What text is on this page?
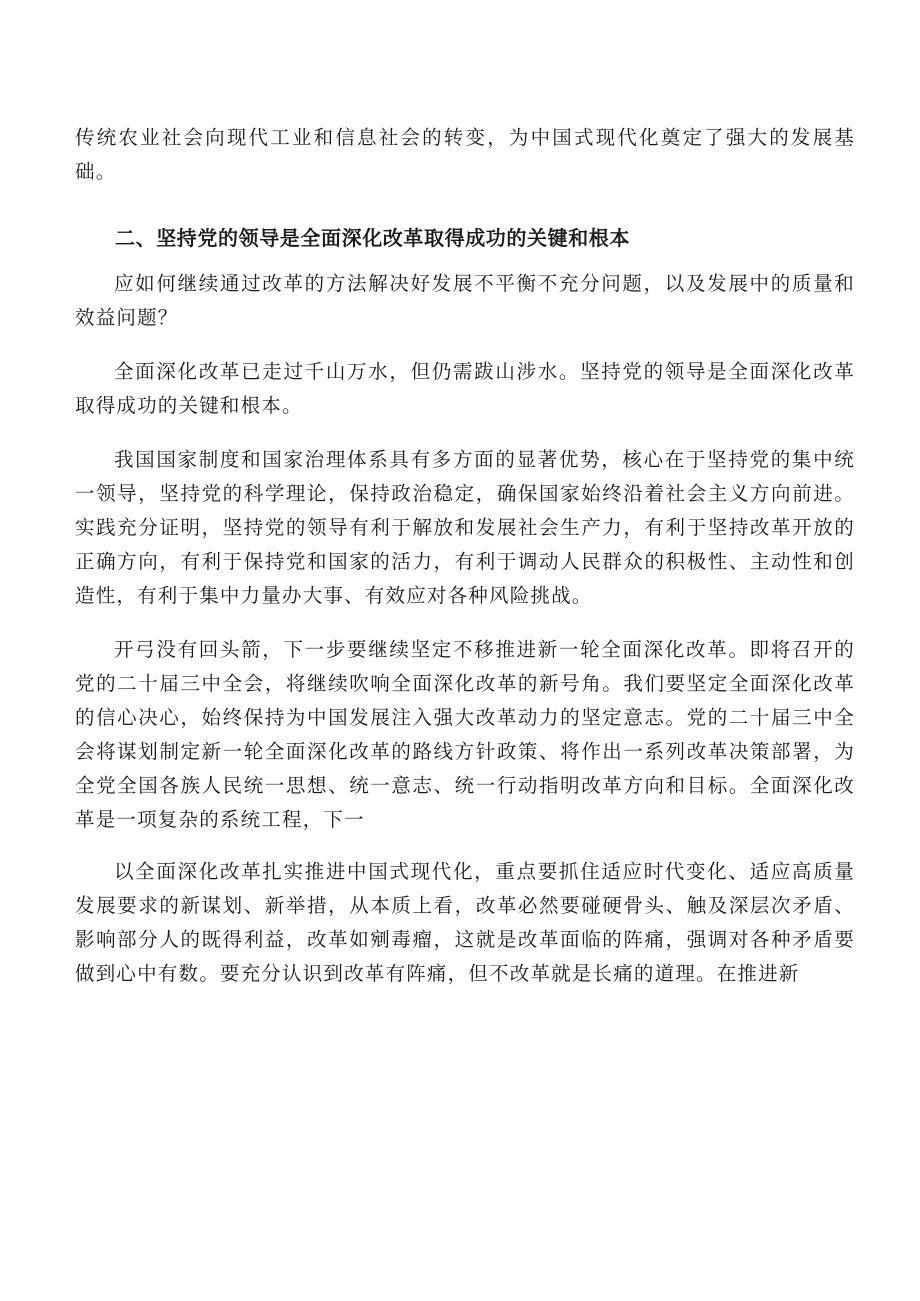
传统农业社会向现代工业和信息社会的转变，为中国式现代化奠定了强大的发展基础。

二、坚持党的领导是全面深化改革取得成功的关键和根本

应如何继续通过改革的方法解决好发展不平衡不充分问题，以及发展中的质量和效益问题？

全面深化改革已走过千山万水，但仍需跋山涉水。坚持党的领导是全面深化改革取得成功的关键和根本。

我国国家制度和国家治理体系具有多方面的显著优势，核心在于坚持党的集中统一领导，坚持党的科学理论，保持政治稳定，确保国家始终沿着社会主义方向前进。实践充分证明，坚持党的领导有利于解放和发展社会生产力，有利于坚持改革开放的正确方向，有利于保持党和国家的活力，有利于调动人民群众的积极性、主动性和创造性，有利于集中力量办大事、有效应对各种风险挑战。

开弓没有回头箭，下一步要继续坚定不移推进新一轮全面深化改革。即将召开的党的二十届三中全会，将继续吹响全面深化改革的新号角。我们要坚定全面深化改革的信心决心，始终保持为中国发展注入强大改革动力的坚定意志。党的二十届三中全会将谋划制定新一轮全面深化改革的路线方针政策、将作出一系列改革决策部署，为全党全国各族人民统一思想、统一意志、统一行动指明改革方向和目标。全面深化改革是一项复杂的系统工程，下一

以全面深化改革扎实推进中国式现代化，重点要抓住适应时代变化、适应高质量发展要求的新谋划、新举措，从本质上看，改革必然要碰硬骨头、触及深层次矛盾、影响部分人的既得利益，改革如剜毒瘤，这就是改革面临的阵痛，强调对各种矛盾要做到心中有数。要充分认识到改革有阵痛，但不改革就是长痛的道理。在推进新
